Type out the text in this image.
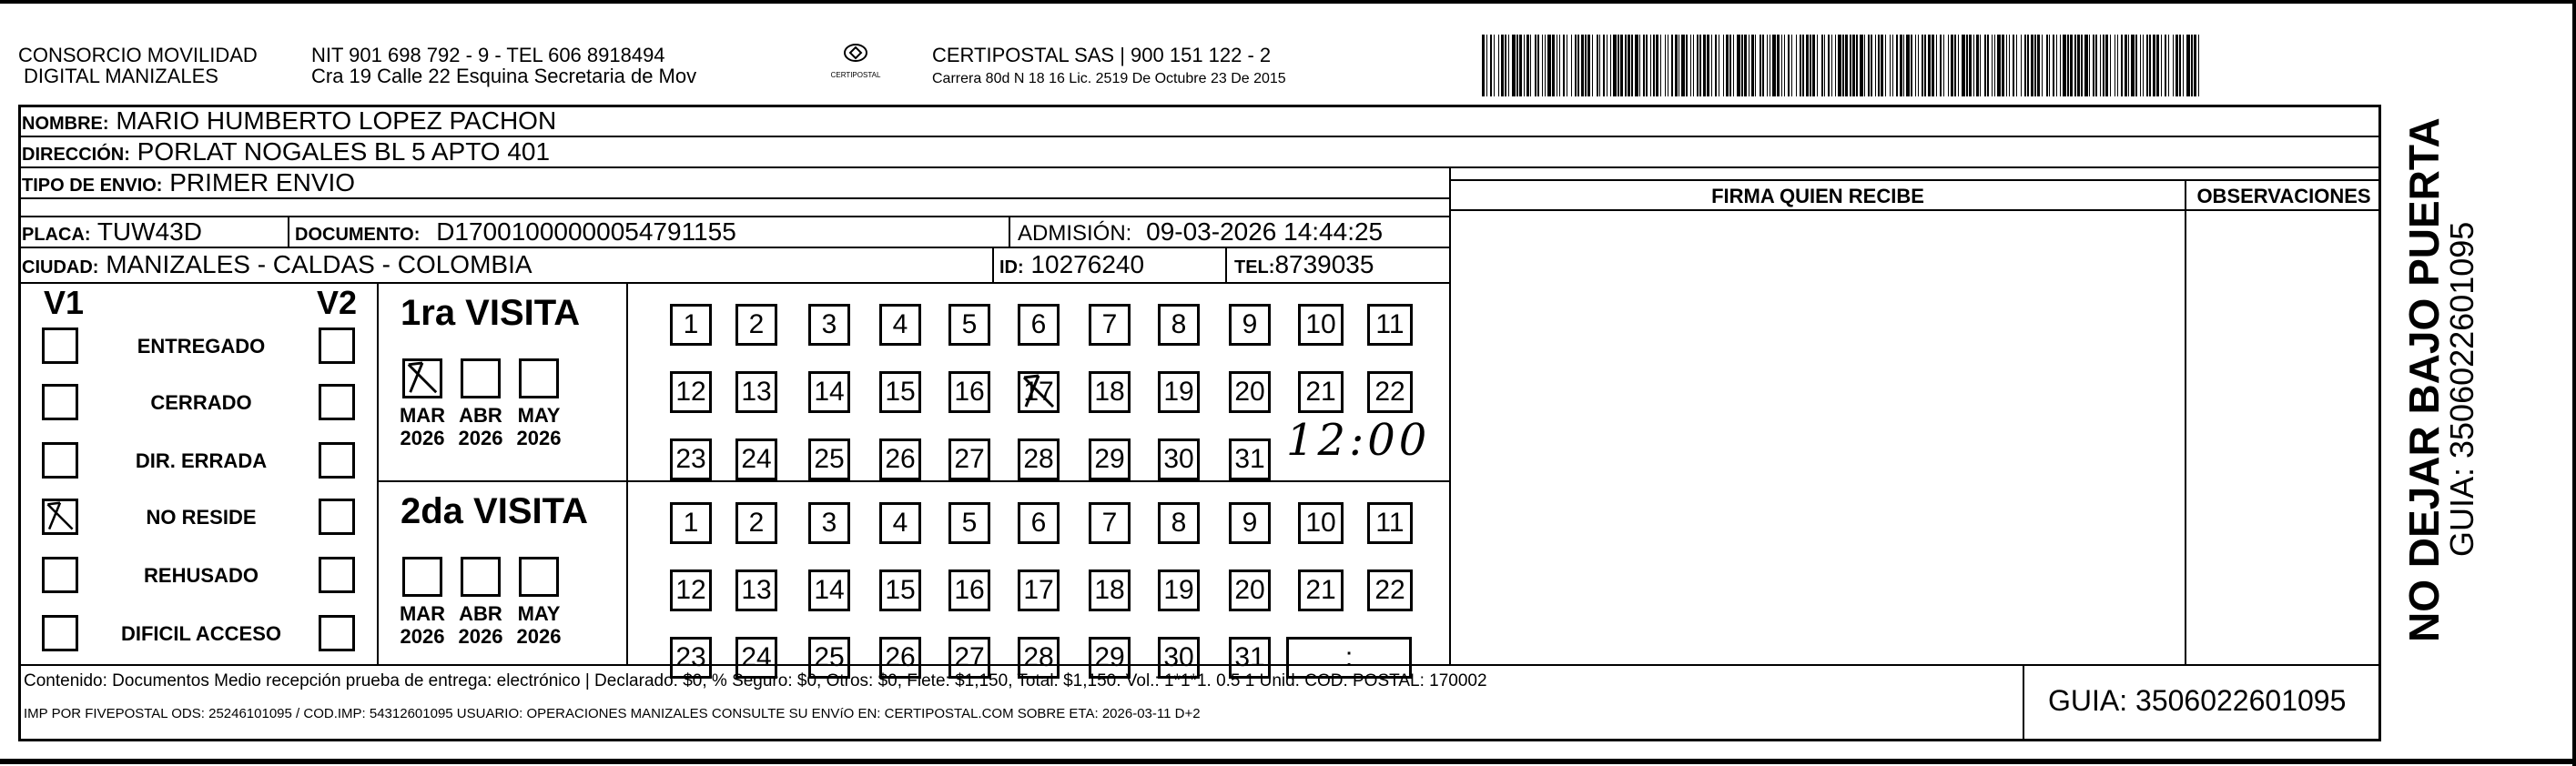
CONSORCIO MOVILIDAD
DIGITAL MANIZALES
NIT 901 698 792 - 9 - TEL 606 8918494
Cra 19 Calle 22 Esquina Secretaria de Mov	CERTIPOSTAL
CERTIPOSTAL SAS | 900 151 122 - 2
Carrera 80d N 18 16 Lic. 2519 De Octubre 23 De 2015
NOMBRE: MARIO HUMBERTO LOPEZ PACHON
DIRECCIÓN: PORLAT NOGALES BL 5 APTO 401
TIPO DE ENVIO: PRIMER ENVIO
PLACA: TUW43D	DOCUMENTO: D17001000000054791155	ADMISIÓN: 09-03-2026 14:44:25
CIUDAD: MANIZALES - CALDAS - COLOMBIA	ID: 10276240	TEL:8739035
FIRMA QUIEN RECIBE	OBSERVACIONES
V1	V2
ENTREGADO
CERRADO
DIR. ERRADA
NO RESIDE
REHUSADO
DIFICIL ACCESO
1ra VISITA
MAR
2026
ABR
2026
MAY
2026
1	2	3	4	5	6	7	8	9	10	11
12 13 14 15 16 17 18 19 20 21 22
23 24 25 26 27 28 29 30 31
2da VISITA
MAR
2026
ABR
2026
MAY
2026
1	2	3	4	5	6	7	8	9	10	11
12 13 14 15 16 17 18 19 20 21 22
23 24 25 26 27 28 29 30 31	:
12:00
Contenido: Documentos Medio recepción prueba de entrega: electrónico | Declarado: $0, % Seguro: $0, Otros: $0, Flete: $1,150, Total: $1,150. Vol.: 1*1*1. 0.5 1 Unid. COD. POSTAL: 170002
IMP POR FIVEPOSTAL ODS: 25246101095 / COD.IMP: 54312601095 USUARIO: OPERACIONES MANIZALES CONSULTE SU ENVíO EN: CERTIPOSTAL.COM SOBRE ETA: 2026-03-11 D+2	GUIA: 3506022601095
NO DEJAR BAJO PUERTA
GUIA: 3506022601095
